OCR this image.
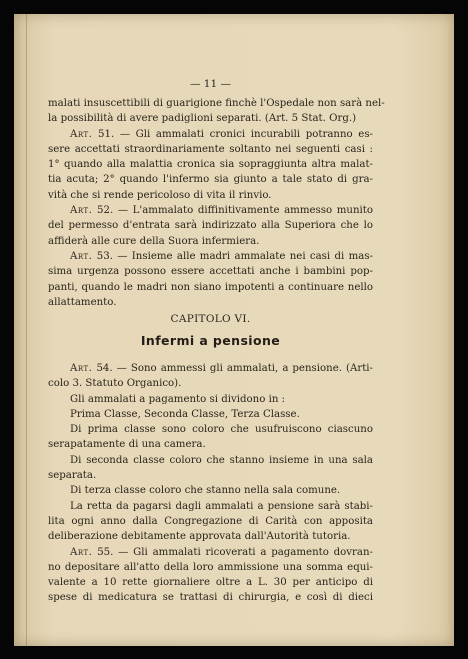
— 11 —
malati insuscettibili di guarigione finchè l'Ospedale non sarà nel-
la possibilità di avere padiglioni separati. (Art. 5 Stat. Org.)
Art. 51. — Gli ammalati cronici incurabili potranno es-
sere accettati straordinariamente soltanto nei seguenti casi :
1° quando alla malattia cronica sia sopraggiunta altra malat-
tia acuta; 2° quando l'infermo sia giunto a tale stato di gra-
vità che si rende pericoloso di vita il rinvio.
Art. 52. — L'ammalato diffinitivamente ammesso munito
del permesso d'entrata sarà indirizzato alla Superiora che lo
affiderà alle cure della Suora infermiera.
Art. 53. — Insieme alle madri ammalate nei casi di mas-
sima urgenza possono essere accettati anche i bambini pop-
panti, quando le madri non siano impotenti a continuare nello
allattamento.
CAPITOLO VI.
Infermi a pensione
Art. 54. — Sono ammessi gli ammalati, a pensione. (Arti-
colo 3. Statuto Organico).
Gli ammalati a pagamento si dividono in :
Prima Classe, Seconda Classe, Terza Classe.
Di prima classe sono coloro che usufruiscono ciascuno
serapatamente di una camera.
Di seconda classe coloro che stanno insieme in una sala
separata.
Di terza classe coloro che stanno nella sala comune.
La retta da pagarsi dagli ammalati a pensione sarà stabi-
lita ogni anno dalla Congregazione di Carità con apposita
deliberazione debitamente approvata dall'Autorità tutoria.
Art. 55. — Gli ammalati ricoverati a pagamento dovran-
no depositare all'atto della loro ammissione una somma equi-
valente a 10 rette giornaliere oltre a L. 30 per anticipo di
spese di medicatura se trattasi di chirurgia, e così di dieci
